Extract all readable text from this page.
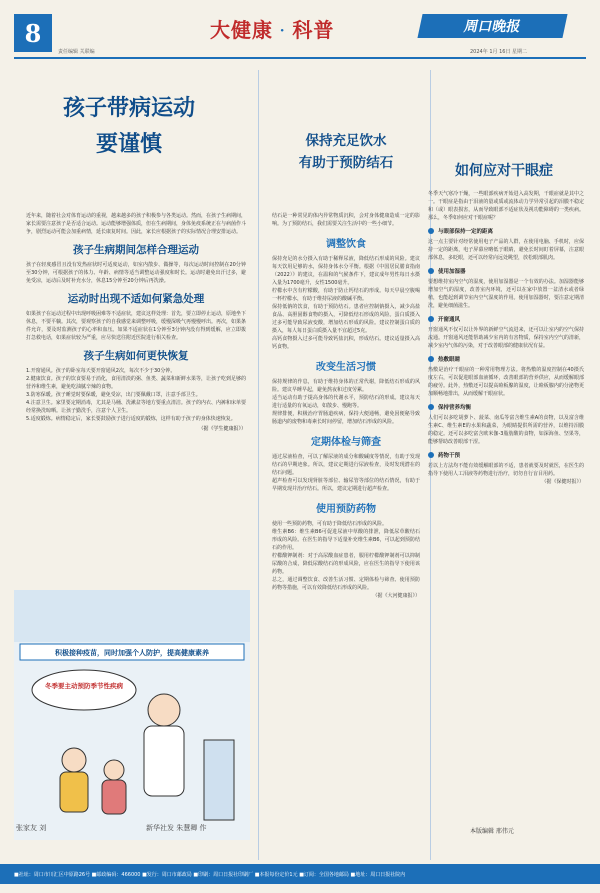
8
责任编辑 关联编
大健康 · 科普	周口晚报
2024年 1月 16日 星期二
孩子带病运动
要谨慎

近年来，随着社会对体育运动的重视，越来越多的孩子积极参与各类运动。然而，在孩子生病期间，家长需要注意孩子是否适合运动。运动能够增强体质，但在生病期间，身体免疫系统正在与病菌作斗争，剧烈运动可能会加重病情，延长康复时间。因此，家长应根据孩子的实际情况合理安排运动。

孩子生病期间怎样合理运动

孩子在轻度感冒且没有发热症状时可适度运动，如室内散步、做操等，每次运动时间控制在20分钟至30分钟，可根据孩子的体力、年龄、病情等适当调整运动强度和时长。运动时避免出汗过多，避免受凉，运动后及时补充水分，休息15分钟至20分钟后再洗澡。

运动时出现不适如何紧急处理

如果孩子在运动过程中出现呼吸困难等不适症状，建议这样处理：首先，要立即停止运动，原地坐下休息，不要平躺。其次，要观察孩子的自我感觉来调整呼吸，缓慢深吸气再慢慢呼出。再次，如果条件允许，要及时监测孩子的心率和血压。如果不适症状在1分钟至3分钟内没有得到缓解，应立即拨打急救电话，如果症状较为严重，应尽快送往附近医院进行相关检查。

孩子生病如何更快恢复

1.开窗通风。孩子的卧室每天要开窗通风2次，每次不少于30分钟。

2.健康饮食。孩子的饮食要易于消化，食用清淡的粥、鱼类、蔬菜和新鲜水果等，让孩子吃到足够的营养和维生素，避免吃油腻辛辣的食物。

3.防寒保暖。孩子睡觉时要保暖，避免受凉，出门要佩戴口罩，注意手部卫生。

4.注意卫生。家里要定期消毒，尤其是马桶、洗漱盆等地方要重点清洁。孩子的内衣、内裤和床单要经常换洗晾晒。让孩子勤洗手，注意个人卫生。

5.适度锻炼。病情稳定后，家长要鼓励孩子进行适度的锻炼，这样有助于孩子的身体快速恢复。

（据《学生健康报》）

积极接种疫苗，同时加强个人防护，提高健康素养
冬季要主动预防季节性疾病
张家友 刘	新华社发 朱慧卿 作
保持充足饮水
有助于预防结石

结石是一种常见的体内异常物质沉积，会对身体健康造成一定的影响。为了预防结石，我们需要关注生活中的一些小细节。

调整饮食

保持充足的水分摄入有助于稀释尿液，降低结石形成的风险。建议每天饮用足够的水，保持身体水分平衡。根据《中国居民膳食指南（2022）》的建议，在温和的气候条件下，建议成年男性每日水摄入量为1700毫升，女性1500毫升。

柠檬水中含有柠檬酸，有助于防止钙结石的形成。每天早晨空腹喝一杯柠檬水，有助于维持尿液的酸碱平衡。

保持低钠的饮食，有助于预防结石。患者应控制钠摄入，减少高盐食品、高胆固醇食物的摄入，可降低结石形成的风险。蛋白质摄入过多可能导致尿液变酸，增加结石形成的风险。建议控制蛋白质的摄入，每人每日蛋白质摄入量不宜超过5克。

高钙食物摄入过多可能导致钙盐沉积，形成结石。建议适量摄入高钙食物。

改变生活习惯

保持规律的作息，有助于维持身体的正常代谢，降低结石形成的风险。建议早睡早起，避免熬夜和过度劳累。

适当运动有助于提高身体的代谢水平，预防结石的形成。建议每天进行适量的有氧运动，如散步、慢跑等。

规律排便，积极治疗胃肠道疾病，保持大便通畅，避免因便秘导致肠道内的废物和毒素长时间停留，增加结石形成的风险。

定期体检与筛查

通过尿液检查，可以了解尿液的成分和酸碱度等情况，有助于发现结石的早期迹象。所以，建议定期进行尿液检查，及时发现潜在的结石问题。

超声检查可以发现肾脏等部位、输尿管等部位的结石情况，有助于早期发现并治疗结石。所以，建议定期进行超声检查。

使用预防药物

使用一些预防药物，可有助于降低结石形成的风险。

维生素B6：维生素B6可促进尿液中草酸的排泄，降低尿草酸结石形成的风险。在医生的指导下适量补充维生素B6，可以起到预防结石的作用。

柠檬酸钾制剂：对于高尿酸血症患者，服用柠檬酸钾制剂可以抑制尿酸的合成，降低尿酸结石的形成风险，应在医生的指导下使用该药物。

总之，通过调整饮食、改善生活习惯、定期体检与筛查、使用预防药物等措施，可以有效降低结石形成的风险。

（据《大河健康报》）

如何应对干眼症

冬季天气寒冷干燥，一些眼部疾病开始进入高发期，干眼症就是其中之一。干眼症是指由于泪液的量或质或流体动力学异常引起的泪膜不稳定和（或）眼表损害，从而导致眼部不适症状及视功能障碍的一类疾病。那么，冬季如何应对干眼症呢？

与眼部保持一定的距离

这一点主要针对经常使用电子产品的人群，在使用电脑、手机时，应保持一定的距离，电子屏幕应略低于眼睛，避免长时间盯着屏幕，注意眼部休息，多眨眼，还可以经常向远处眺望，放松眼部肌肉。

使用加湿器

要想维持室内空气的湿度，使用加湿器是一个有效的办法。加湿器能够增加空气的湿度，改善室内环境，还可以在家中放置一盆清水或者绿植，也能起到调节室内空气湿度的作用。使用加湿器时，要注意定期清洗，避免细菌滋生。

开窗通风

开窗通风不仅可以让外界的新鲜空气流进来，还可以让室内的空气保持流通。开窗通风还能帮助减少室内的有害物质，保持室内空气的清新，减少室内气体的污染，对于改善眼部的健康状况有益。

热敷眼睛

热敷是治疗干眼症的一种常用物理方法。将热敷的温度控制在40摄氏度左右，可以促进眼部血液循环，改善眼部的营养供应，从而缓解眼部的疲劳。此外，热敷还可以提高睑板腺的温度，让睑板腺内的分泌物更加顺畅地排出，从而缓解干眼症状。

保持营养均衡

人们可以多吃胡萝卜、菠菜、南瓜等富含维生素A的食物，以及富含维生素C、维生素E的水果和蔬菜，为眼睛提供所需的营养，以维持泪膜的稳定。还可以多吃富含欧米伽-3脂肪酸的食物，如深海鱼、坚果等，能够帮助改善眼部干涩。

药物干预

若以上方法均不能有效缓解眼部的不适，患者就要及时就医，在医生的指导下使用人工泪液等药物进行治疗，切勿自行盲目用药。

（据《保健时报》）

本版编辑 邢伟元
■社址：周口市川汇区中原路26号 ■邮政编码：466000 ■发行：周口市邮政局 ■印刷：周口日报社印刷厂 ■本报每份定价1元 ■订阅：全国各地邮局 ■地址：周口日报社院内
